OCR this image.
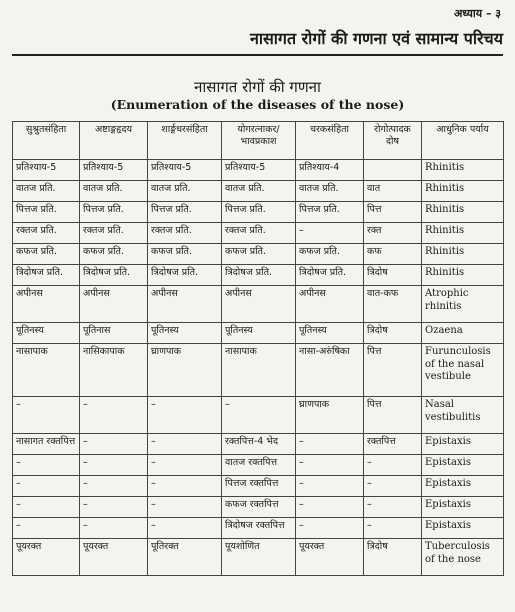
अध्याय – ३
नासागत रोगों की गणना एवं सामान्य परिचय
नासागत रोगों की गणना
(Enumeration of the diseases of the nose)
सुश्रुतसंहिता	अष्टाङ्गहृदय	शार्ङ्गधरसंहिता	योगरत्नाकर/ भावप्रकाश	चरकसंहिता	रोगोत्पादक दोष	आधुनिक पर्याय
प्रतिश्याय-5	प्रतिश्याय-5	प्रतिश्याय-5	प्रतिश्याय-5	प्रतिश्याय-4		Rhinitis
वातज प्रति.	वातज प्रति.	वातज प्रति.	वातज प्रति.	वातज प्रति.	वात	Rhinitis
पित्तज प्रति.	पित्तज प्रति.	पित्तज प्रति.	पित्तज प्रति.	पित्तज प्रति.	पित्त	Rhinitis
रक्तज प्रति.	रक्तज प्रति.	रक्तज प्रति.	रक्तज प्रति.	–	रक्त	Rhinitis
कफज प्रति.	कफज प्रति.	कफज प्रति.	कफज प्रति.	कफज प्रति.	कफ	Rhinitis
त्रिदोषज प्रति.	त्रिदोषज प्रति.	त्रिदोषज प्रति.	त्रिदोषज प्रति.	त्रिदोषज प्रति.	त्रिदोष	Rhinitis
अपीनस	अपीनस	अपीनस	अपीनस	अपीनस	वात-कफ	Atrophic rhinitis
पूतिनस्य	पूतिनास	पूतिनस्य	पूतिनस्य	पूतिनस्य	त्रिदोष	Ozaena
नासापाक	नासिकापाक	घ्राणपाक	नासापाक	नासा-अरुंषिका	पित्त	Furunculosis of the nasal vestibule
–	–	–	–	घ्राणपाक	पित्त	Nasal vestibulitis
नासागत रक्तपित्त	–	–	रक्तपित्त-4 भेद	–	रक्तपित्त	Epistaxis
–	–	–	वातज रक्तपित्त	–	–	Epistaxis
–	–	–	पित्तज रक्तपित्त	–	–	Epistaxis
–	–	–	कफज रक्तपित्त	–	–	Epistaxis
–	–	–	त्रिदोषज रक्तपित्त	–	–	Epistaxis
पूयरक्त	पूयरक्त	पूतिरक्त	पूयशोणित	पूयरक्त	त्रिदोष	Tuberculosis of the nose
